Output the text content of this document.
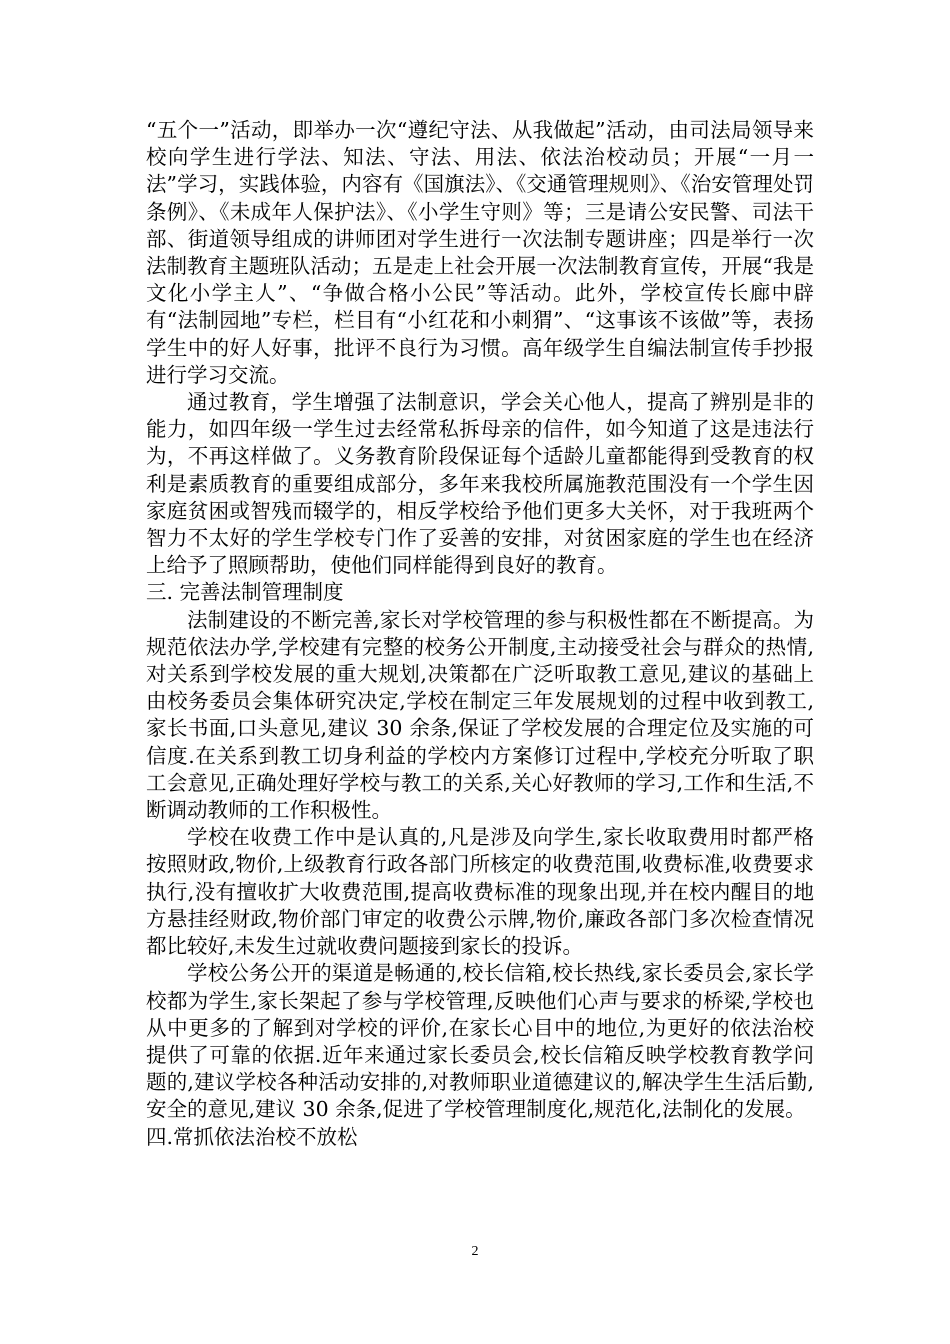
“五个一”活动，即举办一次“遵纪守法、从我做起”活动，由司法局领导来校向学生进行学法、知法、守法、用法、依法治校动员；开展“一月一法”学习，实践体验，内容有《国旗法》、《交通管理规则》、《治安管理处罚条例》、《未成年人保护法》、《小学生守则》等；三是请公安民警、司法干部、街道领导组成的讲师团对学生进行一次法制专题讲座；四是举行一次法制教育主题班队活动；五是走上社会开展一次法制教育宣传，开展“我是文化小学主人”、“争做合格小公民”等活动。此外，学校宣传长廊中辟有“法制园地”专栏，栏目有“小红花和小刺猬”、“这事该不该做”等，表扬学生中的好人好事，批评不良行为习惯。高年级学生自编法制宣传手抄报进行学习交流。

通过教育，学生增强了法制意识，学会关心他人，提高了辨别是非的能力，如四年级一学生过去经常私拆母亲的信件，如今知道了这是违法行为，不再这样做了。义务教育阶段保证每个适龄儿童都能得到受教育的权利是素质教育的重要组成部分，多年来我校所属施教范围没有一个学生因家庭贫困或智残而辍学的，相反学校给予他们更多大关怀，对于我班两个智力不太好的学生学校专门作了妥善的安排，对贫困家庭的学生也在经济上给予了照顾帮助，使他们同样能得到良好的教育。

三. 完善法制管理制度

法制建设的不断完善,家长对学校管理的参与积极性都在不断提高。为规范依法办学,学校建有完整的校务公开制度,主动接受社会与群众的热情,对关系到学校发展的重大规划,决策都在广泛听取教工意见,建议的基础上由校务委员会集体研究决定,学校在制定三年发展规划的过程中收到教工,家长书面,口头意见,建议 30 余条,保证了学校发展的合理定位及实施的可信度.在关系到教工切身利益的学校内方案修订过程中,学校充分听取了职工会意见,正确处理好学校与教工的关系,关心好教师的学习,工作和生活,不断调动教师的工作积极性。

学校在收费工作中是认真的,凡是涉及向学生,家长收取费用时都严格按照财政,物价,上级教育行政各部门所核定的收费范围,收费标准,收费要求执行,没有擅收扩大收费范围,提高收费标准的现象出现,并在校内醒目的地方悬挂经财政,物价部门审定的收费公示牌,物价,廉政各部门多次检查情况都比较好,未发生过就收费问题接到家长的投诉。

学校公务公开的渠道是畅通的,校长信箱,校长热线,家长委员会,家长学校都为学生,家长架起了参与学校管理,反映他们心声与要求的桥梁,学校也从中更多的了解到对学校的评价,在家长心目中的地位,为更好的依法治校提供了可靠的依据.近年来通过家长委员会,校长信箱反映学校教育教学问题的,建议学校各种活动安排的,对教师职业道德建议的,解决学生生活后勤,安全的意见,建议 30 余条,促进了学校管理制度化,规范化,法制化的发展。

四.常抓依法治校不放松

2
